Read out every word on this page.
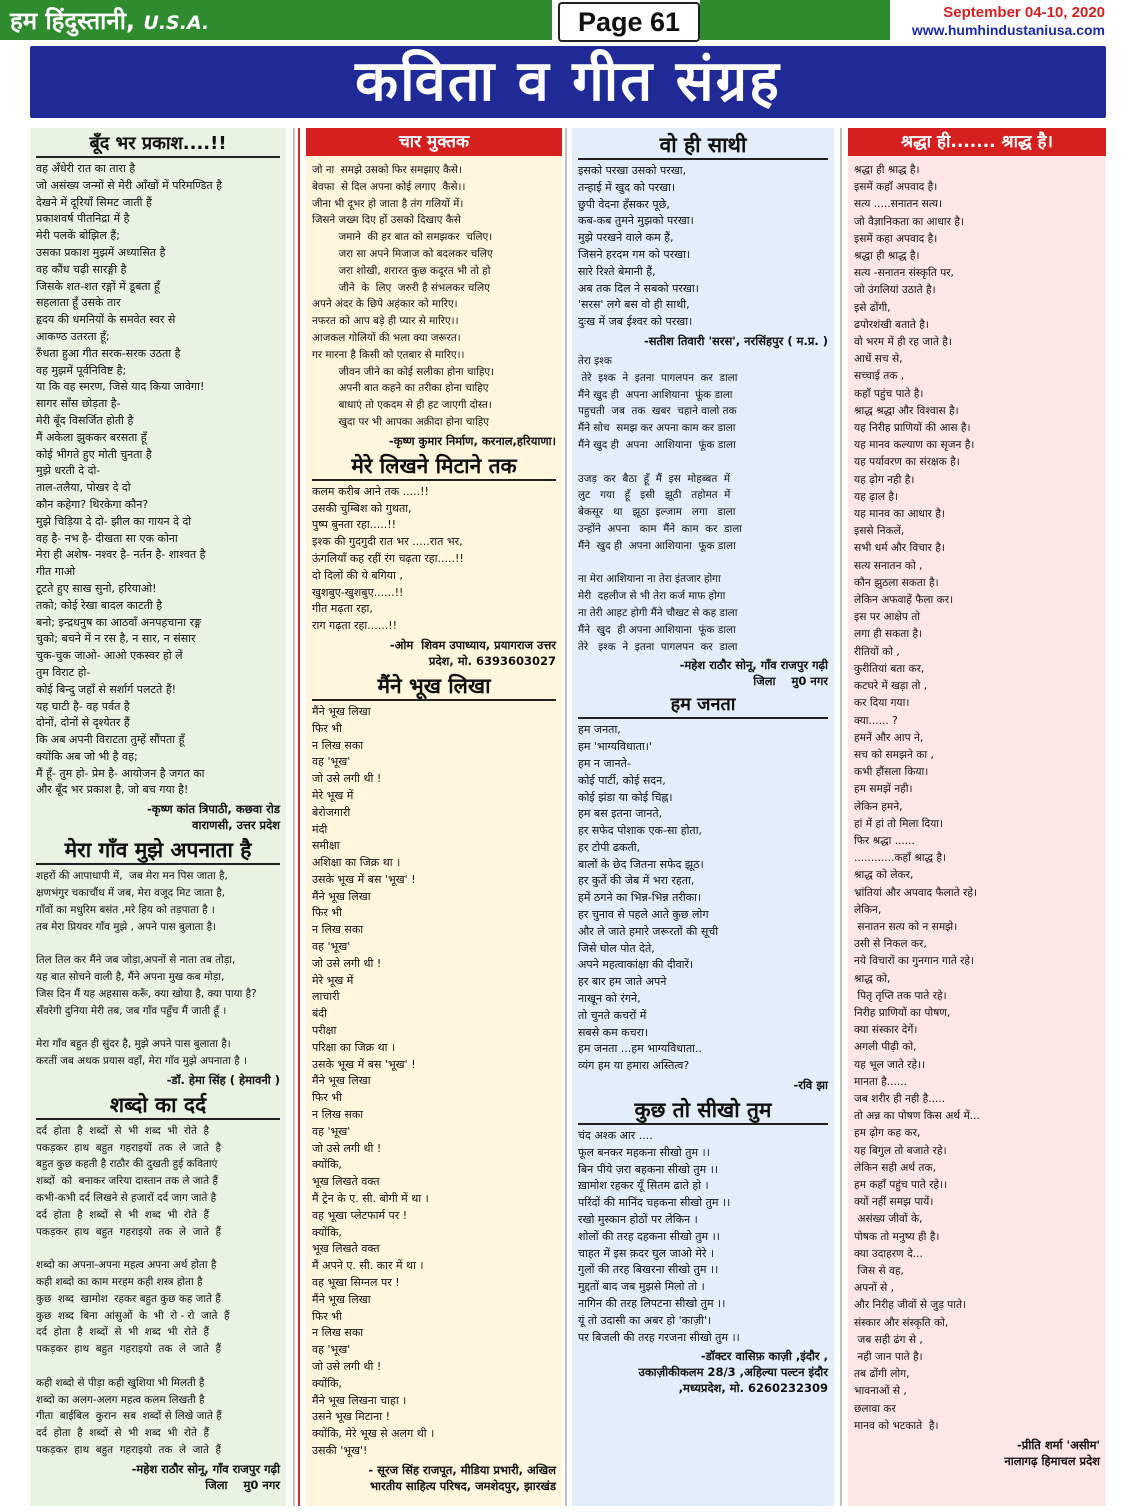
हम हिंदुस्तानी, U.S.A.	Page 61	September 04-10, 2020
www.humhindustaniusa.com
कविता व गीत संग्रह
बूँद भर प्रकाश....!!

वह अँधेरी रात का तारा है
जो असंख्य जन्मों से मेरी आँखों में परिमण्डित है
देखने में दूरियाँ सिमट जाती हैं
प्रकाशवर्ष पीतनिद्रा में है
मेरी पलकें बोझिल हैं;
उसका प्रकाश मुझमें अध्यासित है
वह कौंध चढ़ी सारङ्गी है
जिसके शत-शत रङ्गों में डूबता हूँ
सहलाता हूँ उसके तार
हृदय की धमनियों के समवेत स्वर से
आकण्ठ उतरता हूँ;
रुँधता हुआ गीत सरक-सरक उठता है
वह मुझमें पूर्वनिविष्ट है;
या कि वह स्मरण, जिसे याद किया जावेगा!
सागर साँस छोड़ता है-
मेरी बूँद विसर्जित होती है
मैं अकेला झुककर बरसता हूँ
कोई भीगते हुए मोती चुनता है
मुझे धरती दे दो-
ताल-तलैया, पोखर दे दो
कौन कहेगा? थिरकेगा कौन?
मुझे चिड़िया दे दो- झील का गायन दे दो
वह है- नभ है- दीखता सा एक कोना
मेरा ही अशेष- नश्वर है- नर्तन है- शाश्वत है
गीत गाओ
टूटते हुए साख सुनो, हरियाओ!
तको; कोई रेखा बादल काटती है
बनो; इन्द्रधनुष का आठवाँ अनपहचाना रङ्ग
चुको; बचने में न रस है, न सार, न संसार
चुक-चुक जाओ- आओ एकस्वर हो लें
तुम विराट हो-
कोई बिन्दु जहाँ से सर्शार्ग पलटते हैं!
यह घाटी है- वह पर्वत है
दोनों, दोनों से दृश्येतर हैं
कि अब अपनी विराटता तुम्हें सौंपता हूँ
क्योंकि अब जो भी है वह;
मैं हूँ- तुम हो- प्रेम है- आयोजन है जगत का
और बूँद भर प्रकाश है, जो बच गया है!

-कृष्ण कांत त्रिपाठी, कछवा रोड
वाराणसी, उत्तर प्रदेश
मेरा गाँव मुझे अपनाता है

शहरों की आपाधापी में,  जब मेरा मन पिस जाता है,
क्षणभंगुर चकाचौंध में जब, मेरा वजूद मिट जाता है,
गाँवों का मधुरिम बसंत ,मरे हिय को तड़पाता है ।
तब मेरा प्रियवर गाँव मुझे , अपने पास बुलाता है।

तिल तिल कर मैंने जब जोड़ा,अपनों से नाता तब तोड़ा,
यह बात सोचने वाली है, मैंने अपना मुख कब मोड़ा,
जिस दिन मैं यह अहसास करूँ, क्या खोया है, क्या पाया है?
सँवरेगी दुनिया मेरी तब, जब गाँव पहुँच मैं जाती हूँ ।

मेरा गाँव बहुत ही सुंदर है, मुझे अपने पास बुलाता है।
करतीं जब अथक प्रयास वहाँ, मेरा गाँव मुझे अपनाता है ।

-डॉ. हेमा सिंह ( हेमावनी )
शब्दो का दर्द

दर्द  होता  है  शब्दों  से  भी  शब्द  भी  रोते  है
पकड़कर  हाथ  बहुत  गहराइयों  तक  ले  जाते  है
बहुत कुछ कहती है राठौर की दुखती हुई कविताएं
शब्दों  को  बनाकर जरिया दास्तान तक ले जाते हैं
कभी-कभी दर्द लिखने से हजारों दर्द जाग जाते है
दर्द  होता  है  शब्दों  से  भी  शब्द  भी  रोते  हैं
पकड़कर  हाथ  बहुत  गहराइयो  तक  ले  जाते  हैं

शब्दो का अपना-अपना महत्व अपना अर्थ होता है
कही शब्दो का काम मरहम कही शस्त्र होता है
कुछ  शब्द  खामोश  रहकर बहुत कुछ कह जाते हैं
कुछ  शब्द  बिना  आंसुओं  के  भी  रो - रो  जाते  हैं
दर्द  होता  है  शब्दों  से  भी  शब्द  भी  रोते  हैं
पकड़कर  हाथ  बहुत  गहराइयो  तक  ले  जाते  हैं

कही शब्दो से पीड़ा कही खुशिया भी मिलती है
शब्दो का अलग-अलग महत्व कलम लिखती है
गीता  बाईबिल  कुरान  सब  शब्दों से लिखे जाते हैं
दर्द  होता  है  शब्दों  से  भी  शब्द  भी  रोते  हैं
पकड़कर  हाथ  बहुत  गहराइयो  तक  ले  जाते  हैं

-महेश राठौर सोनू, गाँव राजपुर गढ़ी
जिला    मु0 नगर
चार मुक्तक

जो ना  समझे उसको फिर समझाए कैसे।
बेवफा  से दिल अपना कोई लगाए  कैसे।।
जीना भी दूभर हो जाता है तंग गलियों में।
जिसने जख्म दिए हों उसको दिखाए कैसे
जमाने  की हर बात को समझकर  चलिए।
जरा सा अपने मिजाज को बदलकर चलिए
जरा शोखी, शरारत कुछ कदूरत भी तो हो
जीने  के  लिए  जरुरी है संभलकर चलिए
अपने अंदर के छिपे अहंकार को मारिए।
नफरत को आप बड़े ही प्यार से मारिए।।
आजकल गोलियों की भला क्या जरूरत।
गर मारना है किसी को एतबार से मारिए।।
जीवन जीने का कोई सलीका होना चाहिए।
अपनी बात कहने का तरीका होना चाहिए
बाधाएं तो एकदम से ही हट जाएगी दोस्त।
खुदा पर भी आपका अक़ीदा होना चाहिए

-कृष्ण कुमार निर्माण, करनाल,हरियाणा।
मेरे लिखने मिटाने तक

कलम करीब आने तक .....!!
उसकी चुम्बिश को गुथता,
पुष्प बुनता रहा.....!!
इश्क की गुदगुदी रात भर .....रात भर,
ऊंगलियाँ कह रहीं रंग चढ़ता रहा.....!!
दो दिलों की ये बगिया ,
खुशबुए-खुशबुए......!!
गीत मढ़ता रहा,
राग गढ़ता रहा......!!

-ओम  शिवम उपाध्याय, प्रयागराज उत्तर
प्रदेश, मो. 6393603027
मैंने भूख लिखा

मैंने भूख लिखा
फिर भी
न लिख सका
वह 'भूख'
जो उसे लगी थी !
मेरे भूख में
बेरोजगारी
मंदी
समीक्षा
अशिक्षा का जिक्र था ।
उसके भूख में बस 'भूख' !
मैंने भूख लिखा
फिर भी
न लिख सका
वह 'भूख'
जो उसे लगी थी !
मेरे भूख में
लाचारी
बंदी
परीक्षा
परिक्षा का जिक्र था ।
उसके भूख में बस 'भूख' !
मैंने भूख लिखा
फिर भी
न लिख सका
वह 'भूख'
जो उसे लगी थी !
क्योंकि,
भूख लिखते वक्त
मैं ट्रेन के ए. सी. बोगी में था ।
वह भूखा प्लेटफार्म पर !
क्योंकि,
भूख लिखते वक्त
मैं अपने ए. सी. कार में था ।
वह भूखा सिग्नल पर !
मैंने भूख लिखा
फिर भी
न लिख सका
वह 'भूख'
जो उसे लगी थी !
क्योंकि,
मैंने भूख लिखना चाहा ।
उसने भूख मिटाना !
क्योंकि, मेरे भूख से अलग थी ।
उसकी 'भूख'!

- सूरज सिंह राजपूत, मीडिया प्रभारी, अखिल
भारतीय साहित्य परिषद, जमशेदपुर, झारखंड
वो ही साथी

इसको परखा उसको परखा,
तन्हाई में खुद को परखा।
छुपी वेदना हँसकर पूछे,
कब-कब तुमने मुझको परखा।
मुझे परखने वाले कम हैं,
जिसने हरदम गम को परखा।
सारे रिश्ते बेमानी हैं,
अब तक दिल ने सबको परखा।
'सरस' लगे बस वो ही साथी,
दुःख में जब ईश्वर को परखा।

-सतीश तिवारी 'सरस', नरसिंहपुर ( म.प्र. )

तेरा इश्क
तेरे  इश्क  ने  इतना  पागलपन  कर  डाला
मैंने खुद ही  अपना आशियाना  फूंक डाला
पहुचती  जब  तक  खबर  चहाने वालो तक
मैंने सोच  समझ कर अपना काम कर डाला
मैंने खुद ही  अपना  आशियाना  फूंक डाला

उजड़  कर  बैठा  हूँ  मैं  इस  मोहब्बत  में
लुट   गया   हूँ   इसी   झूठी   तहोमत  में
बेकसूर   था   झूठा  इल्जाम   लगा   डाला
उन्होंने  अपना   काम  मैंने  काम  कर  डाला
मैंने  खुद ही  अपना आशियाना  फूक डाला

ना मेरा आशियाना ना तेरा इंतजार होगा
मेरी  दहलीज से भी तेरा कर्ज माफ होगा
ना तेरी आहट होगी मैंने चौखट से कह डाला
मैंने  खुद  ही अपना आशियाना  फूंक डाला
तेरे   इश्क  ने  इतना  पागलपन  कर  डाला

-महेश राठौर सोनू, गाँव राजपुर गढ़ी
जिला    मु0 नगर
हम जनता

हम जनता,
हम 'भाग्यविधाता।'
हम न जानते-
कोई पार्टी, कोई सदन,
कोई झंडा या कोई चिह्न।
हम बस इतना जानते,
हर सफेद पोशाक एक-सा होता,
हर टोपी ढकती,
बालों के छेद जितना सफेद झूठ।
हर कुर्ते की जेब में भरा रहता,
हमें ठगने का भिन्न-भिन्न तरीका।
हर चुनाव से पहले आते कुछ लोग
और ले जाते हमारे जरूरतों की सूची
जिसे घोल पोत देते,
अपने महत्वाकांक्षा की दीवारें।
हर बार हम जाते अपने
नाखून को रंगने,
तो चुनते कचरों में
सबसे कम कचरा।
हम जनता ...हम भाग्यविधाता..
व्यंग हम या हमारा अस्तित्व?

-रवि झा
कुछ तो सीखो तुम

चंद अश्क आर ....
फूल बनकर महकना सीखो तुम ।।
बिन पीये ज़रा बहकना सीखो तुम ।।
ख़ामोश रहकर यूँ सितम ढाते हो ।
परिंदों की मानिंद चहकना सीखो तुम ।।
रखो मुस्कान होठों पर लेकिन ।
शोलों की तरह दहकना सीखो तुम ।।
चाहत में इस क़दर घुल जाओ मेरे ।
गुलों की तरह बिखरना सीखो तुम ।।
मुद्दतों बाद जब मुझसे मिलो तो ।
नागिन की तरह लिपटना सीखो तुम ।।
यूं तो उदासी का अबर हो 'काज़ी'।
पर बिजली की तरह गरजना सीखो तुम ।।

-डॉक्टर वासिफ़ काज़ी ,इंदौर ,
उकाज़ीकीकलम 28/3 ,अहिल्या पल्टन इंदौर
,मध्यप्रदेश, मो. 6260232309
श्रद्धा ही....... श्राद्ध है।

श्रद्धा ही श्राद्ध है।
इसमें कहाँ अपवाद है।
सत्य .....सनातन सत्य।
जो वैज्ञानिकता का आधार है।
इसमें कहा अपवाद है।
श्रद्धा ही श्राद्ध है।
सत्य -सनातन संस्कृति पर,
जो उंगलियां उठाते है।
इसे ढोंगी,
ढपोरशंखी बताते है।
वो भरम में ही रह जाते है।
आधें सच से,
सच्चाई तक ,
कहाँ पहुंच पाते है।
श्राद्ध श्रद्धा और विश्वास है।
यह निरीह प्राणियों की आस है।
यह मानव कल्याण का सृजन है।
यह पर्यावरण का संरक्षक है।
यह ढ़ोग नही है।
यह ढ़ाल है।
यह मानव का आधार है।
इससे निकलें,
सभी धर्म और विचार है।
सत्य सनातन को ,
कौन झुठला सकता है।
लेकिन अफवाहें फैला कर।
इस पर आक्षेप तो
लगा ही सकता है।
रीतियों को ,
कुरीतियां बता कर,
कटघरे में खड़ा तो ,
कर दिया गया।
क्या...... ?
हमनें और आप ने,
सच को समझने का ,
कभी हौंसला किया।
हम समझें नही।
लेकिन हमने,
हां में हां तो मिला दिया।
फिर श्रद्धा ......
............कहाँ श्राद्ध है।
श्राद्ध को लेकर,
भ्रांतियां और अपवाद फैलाते रहे।
लेकिन,
सनातन सत्य को न समझे।
उसी से निकल कर,
नये विचारों का गुनगान गाते रहे।
श्राद्ध को,
पितृ तृप्ति तक पाते रहे।
निरीह प्राणियों का पोषण,
क्या संस्कार देगें।
अगली पीढ़ी को,
यह भूल जाते रहे।।
मानता है......
जब शरीर ही नही है.....
तो अन्न का पोषण किस अर्थ में...
हम ढ़ोग कह कर,
यह बिगुल तो बजाते रहे।
लेकिन सही अर्थ तक,
हम कहाँ पहुंच पाते रहे।।
क्यों नहीं समझ पायें।
असंख्य जीवों के,
पोषक तो मनुष्य ही है।
क्या उदाहरण दे...
जिस से वह,
अपनों से ,
और निरीह जीवों से जुड़ पाते।
संस्कार और संस्कृति को,
जब सही ढंग से ,
नही जान पाते है।
तब ढोंगी लोग,
भावनाओं से ,
छलावा कर
मानव को भटकाते  है।

-प्रीति शर्मा 'असीम'
नालागढ़ हिमाचल प्रदेश
